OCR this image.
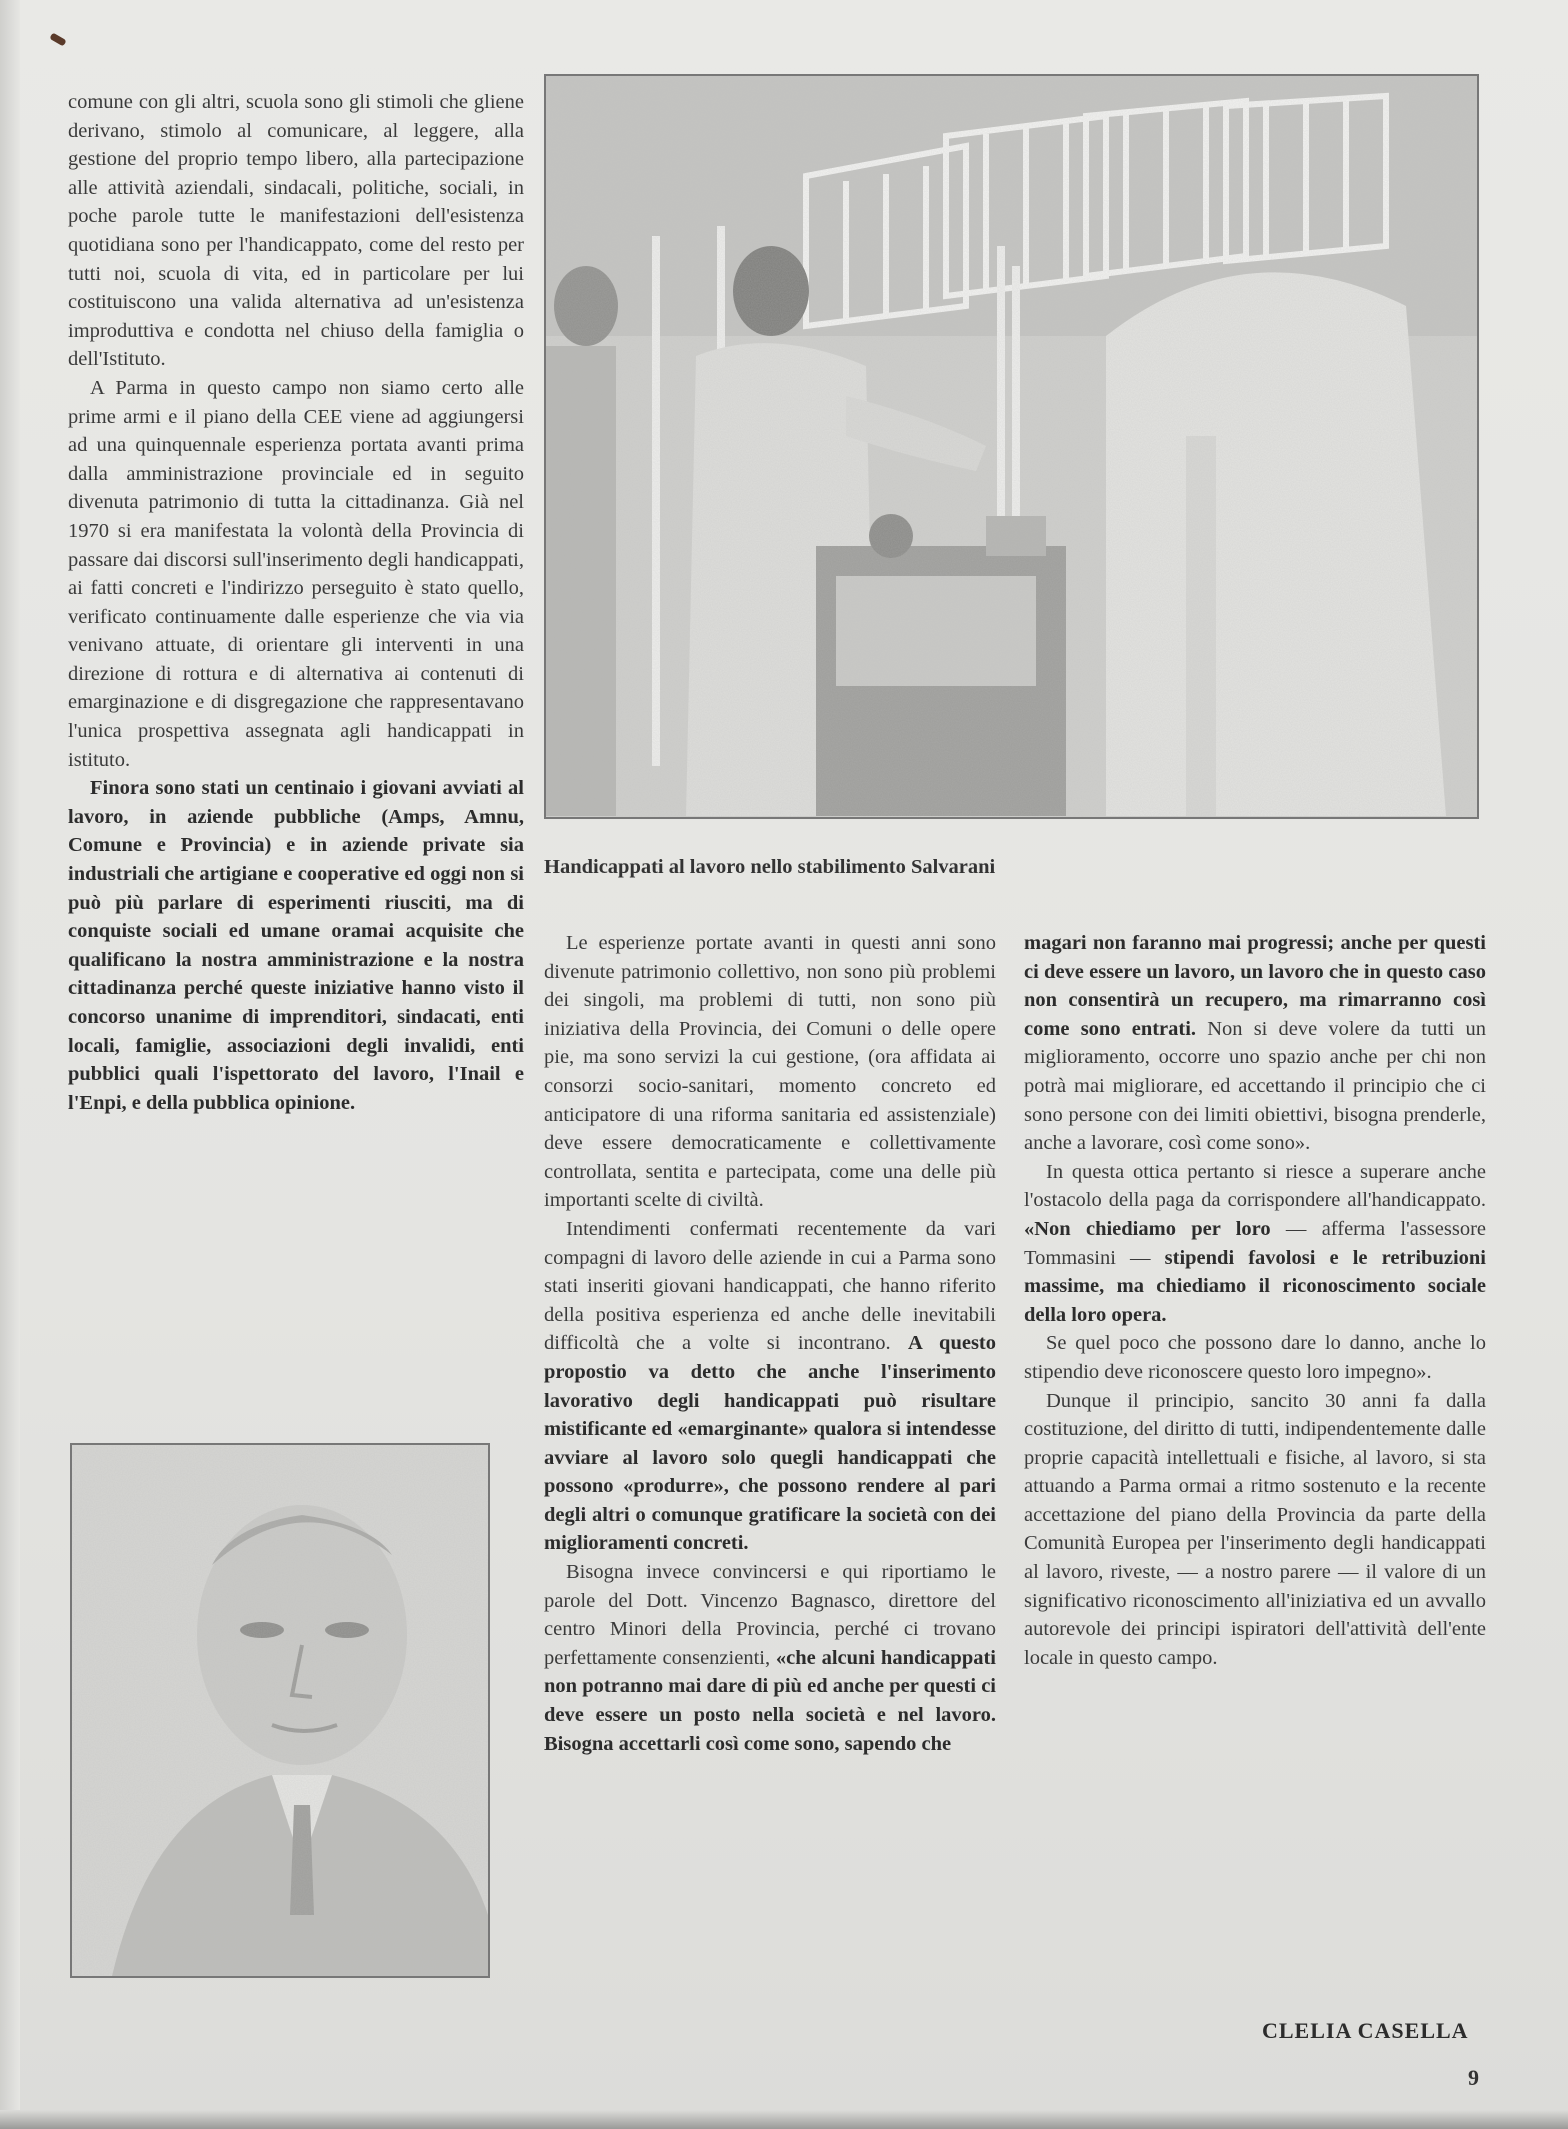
comune con gli altri, scuola sono gli stimoli che gliene derivano, stimolo al comunicare, al leggere, alla gestione del proprio tempo libero, alla partecipazione alle attività aziendali, sindacali, politiche, sociali, in poche parole tutte le manifestazioni dell'esistenza quotidiana sono per l'handicappato, come del resto per tutti noi, scuola di vita, ed in particolare per lui costituiscono una valida alternativa ad un'esistenza improduttiva e condotta nel chiuso della famiglia o dell'Istituto.

A Parma in questo campo non siamo certo alle prime armi e il piano della CEE viene ad aggiungersi ad una quinquennale esperienza portata avanti prima dalla amministrazione provinciale ed in seguito divenuta patrimonio di tutta la cittadinanza. Già nel 1970 si era manifestata la volontà della Provincia di passare dai discorsi sull'inserimento degli handicappati, ai fatti concreti e l'indirizzo perseguito è stato quello, verificato continuamente dalle esperienze che via via venivano attuate, di orientare gli interventi in una direzione di rottura e di alternativa ai contenuti di emarginazione e di disgregazione che rappresentavano l'unica prospettiva assegnata agli handicappati in istituto.

Finora sono stati un centinaio i giovani avviati al lavoro, in aziende pubbliche (Amps, Amnu, Comune e Provincia) e in aziende private sia industriali che artigiane e cooperative ed oggi non si può più parlare di esperimenti riusciti, ma di conquiste sociali ed umane oramai acquisite che qualificano la nostra amministrazione e la nostra cittadinanza perché queste iniziative hanno visto il concorso unanime di imprenditori, sindacati, enti locali, famiglie, associazioni degli invalidi, enti pubblici quali l'ispettorato del lavoro, l'Inail e l'Enpi, e della pubblica opinione.

Handicappati al lavoro nello stabilimento Salvarani

Le esperienze portate avanti in questi anni sono divenute patrimonio collettivo, non sono più problemi dei singoli, ma problemi di tutti, non sono più iniziativa della Provincia, dei Comuni o delle opere pie, ma sono servizi la cui gestione, (ora affidata ai consorzi socio-sanitari, momento concreto ed anticipatore di una riforma sanitaria ed assistenziale) deve essere democraticamente e collettivamente controllata, sentita e partecipata, come una delle più importanti scelte di civiltà.

Intendimenti confermati recentemente da vari compagni di lavoro delle aziende in cui a Parma sono stati inseriti giovani handicappati, che hanno riferito della positiva esperienza ed anche delle inevitabili difficoltà che a volte si incontrano. A questo propostio va detto che anche l'inserimento lavorativo degli handicappati può risultare mistificante ed «emarginante» qualora si intendesse avviare al lavoro solo quegli handicappati che possono «produrre», che possono rendere al pari degli altri o comunque gratificare la società con dei miglioramenti concreti.

Bisogna invece convincersi e qui riportiamo le parole del Dott. Vincenzo Bagnasco, direttore del centro Minori della Provincia, perché ci trovano perfettamente consenzienti, «che alcuni handicappati non potranno mai dare di più ed anche per questi ci deve essere un posto nella società e nel lavoro. Bisogna accettarli così come sono, sapendo che

magari non faranno mai progressi; anche per questi ci deve essere un lavoro, un lavoro che in questo caso non consentirà un recupero, ma rimarranno così come sono entrati. Non si deve volere da tutti un miglioramento, occorre uno spazio anche per chi non potrà mai migliorare, ed accettando il principio che ci sono persone con dei limiti obiettivi, bisogna prenderle, anche a lavorare, così come sono».

In questa ottica pertanto si riesce a superare anche l'ostacolo della paga da corrispondere all'handicappato. «Non chiediamo per loro — afferma l'assessore Tommasini — stipendi favolosi e le retribuzioni massime, ma chiediamo il riconoscimento sociale della loro opera.

Se quel poco che possono dare lo danno, anche lo stipendio deve riconoscere questo loro impegno».

Dunque il principio, sancito 30 anni fa dalla costituzione, del diritto di tutti, indipendentemente dalle proprie capacità intellettuali e fisiche, al lavoro, si sta attuando a Parma ormai a ritmo sostenuto e la recente accettazione del piano della Provincia da parte della Comunità Europea per l'inserimento degli handicappati al lavoro, riveste, — a nostro parere — il valore di un significativo riconoscimento all'iniziativa ed un avvallo autorevole dei principi ispiratori dell'attività dell'ente locale in questo campo.

CLELIA CASELLA
9
